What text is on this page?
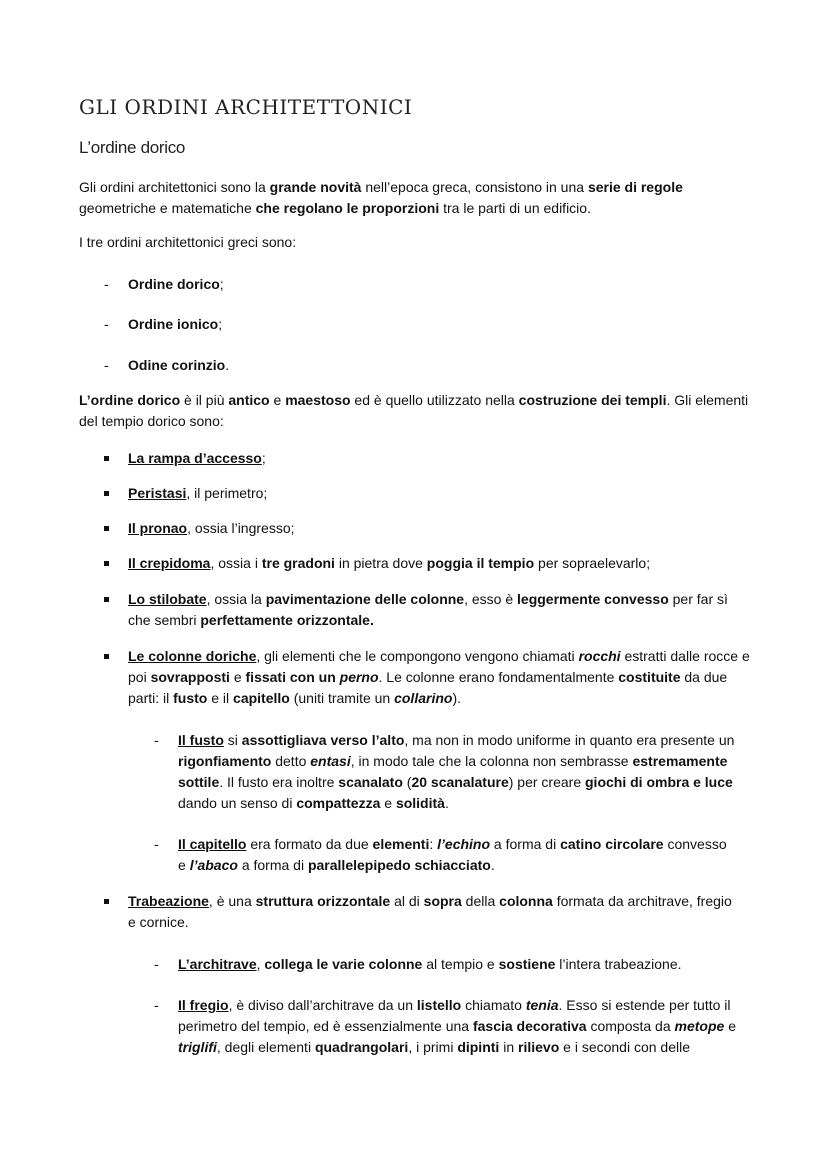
GLI ORDINI ARCHITETTONICI
L’ordine dorico

Gli ordini architettonici sono la grande novità nell’epoca greca, consistono in una serie di regole geometriche e matematiche che regolano le proporzioni tra le parti di un edificio.

I tre ordini architettonici greci sono:

- Ordine dorico;
- Ordine ionico;
- Odine corinzio.

L’ordine dorico è il più antico e maestoso ed è quello utilizzato nella costruzione dei templi. Gli elementi del tempio dorico sono:

La rampa d’accesso;
Peristasi, il perimetro;
Il pronao, ossia l’ingresso;
Il crepidoma, ossia i tre gradoni in pietra dove poggia il tempio per sopraelevarlo;
Lo stilobate, ossia la pavimentazione delle colonne, esso è leggermente convesso per far sì che sembri perfettamente orizzontale.
Le colonne doriche, gli elementi che le compongono vengono chiamati rocchi estratti dalle rocce e poi sovrapposti e fissati con un perno. Le colonne erano fondamentalmente costituite da due parti: il fusto e il capitello (uniti tramite un collarino).
- Il fusto si assottigliava verso l’alto, ma non in modo uniforme in quanto era presente un rigonfiamento detto entasi, in modo tale che la colonna non sembrasse estremamente sottile. Il fusto era inoltre scanalato (20 scanalature) per creare giochi di ombra e luce dando un senso di compattezza e solidità.
- Il capitello era formato da due elementi: l’echino a forma di catino circolare convesso e l’abaco a forma di parallelepipedo schiacciato.
Trabeazione, è una struttura orizzontale al di sopra della colonna formata da architrave, fregio e cornice.
- L’architrave, collega le varie colonne al tempio e sostiene l’intera trabeazione.
- Il fregio, è diviso dall’architrave da un listello chiamato tenia. Esso si estende per tutto il perimetro del tempio, ed è essenzialmente una fascia decorativa composta da metope e triglifi, degli elementi quadrangolari, i primi dipinti in rilievo e i secondi con delle
